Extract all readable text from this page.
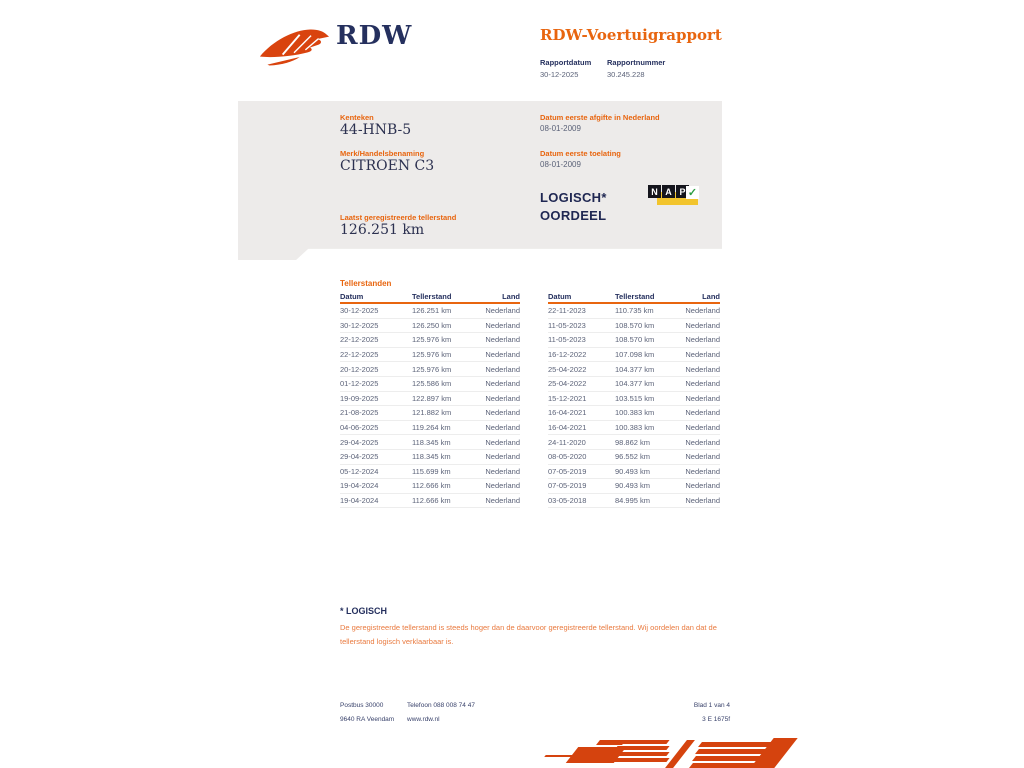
RDW	RDW-Voertuigrapport
Rapportdatum Rapportnummer
30-12-2025	30.245.228
Kenteken
44-HNB-5
Merk/Handelsbenaming
CITROEN C3
Laatst geregistreerde tellerstand
126.251 km
Datum eerste afgifte in Nederland
08-01-2009
Datum eerste toelating
08-01-2009
LOGISCH*
OORDEEL
N A P ✓
Tellerstanden
Datum	Tellerstand	Land
30-12-2025	126.251 km	Nederland
30-12-2025	126.250 km	Nederland
22-12-2025	125.976 km	Nederland
22-12-2025	125.976 km	Nederland
20-12-2025	125.976 km	Nederland
01-12-2025	125.586 km	Nederland
19-09-2025	122.897 km	Nederland
21-08-2025	121.882 km	Nederland
04-06-2025	119.264 km	Nederland
29-04-2025	118.345 km	Nederland
29-04-2025	118.345 km	Nederland
05-12-2024	115.699 km	Nederland
19-04-2024	112.666 km	Nederland
19-04-2024	112.666 km	Nederland
Datum	Tellerstand	Land
22-11-2023	110.735 km	Nederland
11-05-2023	108.570 km	Nederland
11-05-2023	108.570 km	Nederland
16-12-2022	107.098 km	Nederland
25-04-2022	104.377 km	Nederland
25-04-2022	104.377 km	Nederland
15-12-2021	103.515 km	Nederland
16-04-2021	100.383 km	Nederland
16-04-2021	100.383 km	Nederland
24-11-2020	98.862 km	Nederland
08-05-2020	96.552 km	Nederland
07-05-2019	90.493 km	Nederland
07-05-2019	90.493 km	Nederland
03-05-2018	84.995 km	Nederland
* LOGISCH
De geregistreerde tellerstand is steeds hoger dan de daarvoor geregistreerde tellerstand. Wij oordelen dan dat de tellerstand logisch verklaarbaar is.
Postbus 30000
9640 RA Veendam
Telefoon 088 008 74 47
www.rdw.nl
Blad 1 van 4
3 E 1675f
